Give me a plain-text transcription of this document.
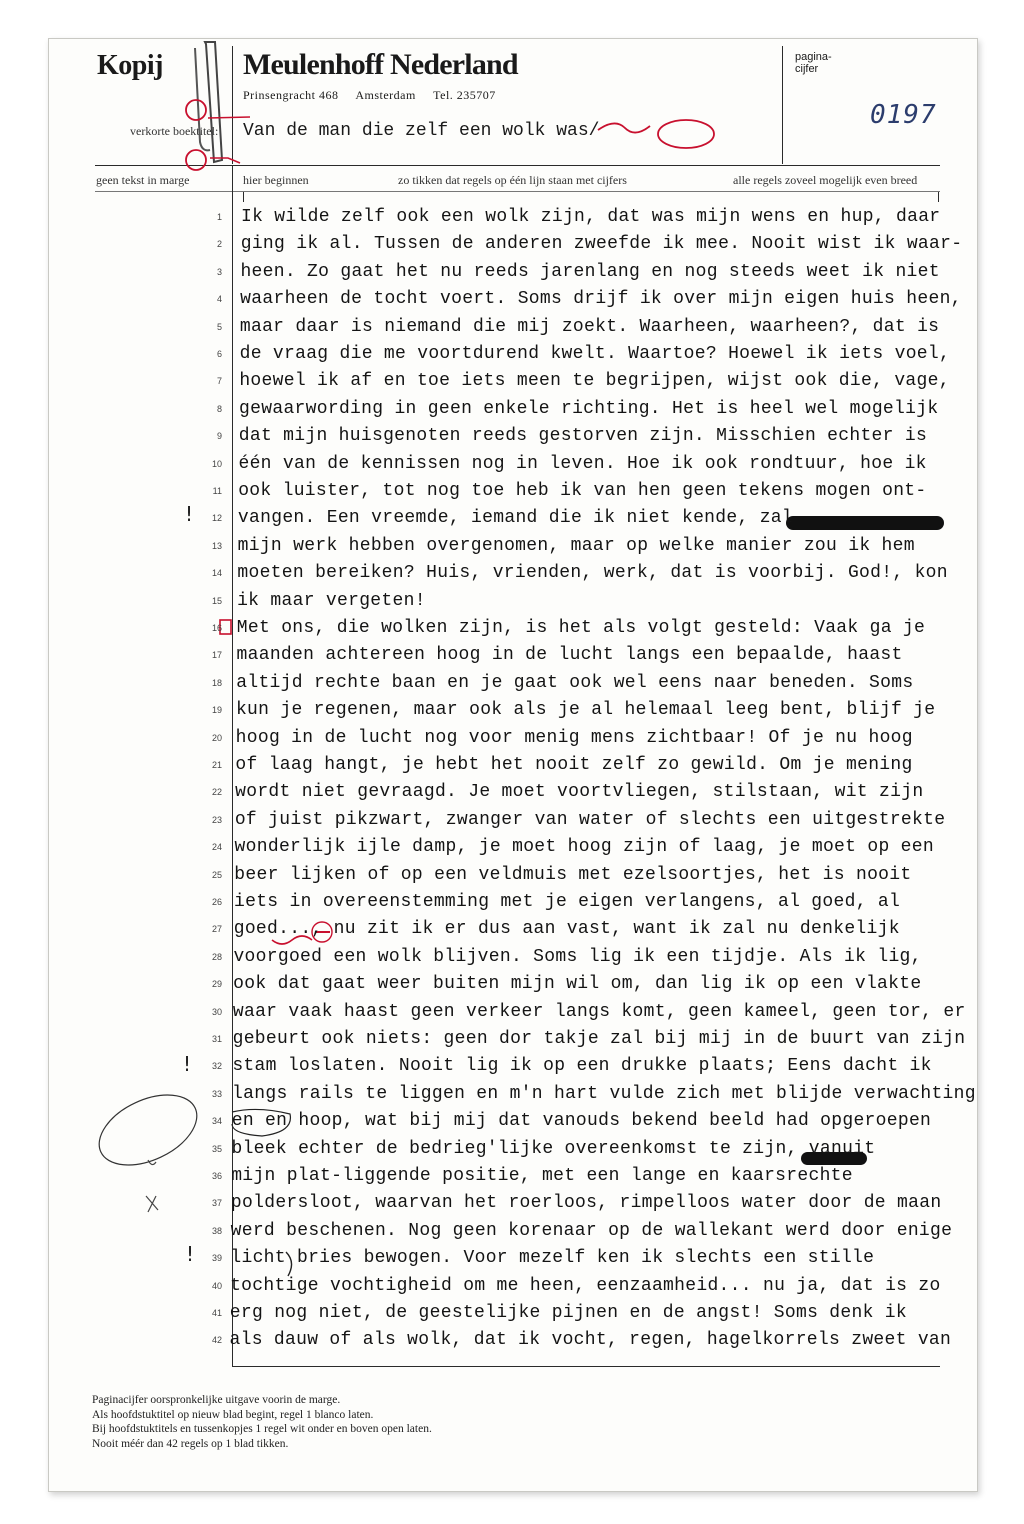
Kopij	Meulenhoff Nederland
Prinsengracht 468 Amsterdam Tel. 235707
pagina-
cijfer
0197
verkorte boektitel: Van de man die zelf een wolk was/
geen tekst in marge	hier beginnen	zo tikken dat regels op één lijn staan met cijfers	alle regels zoveel mogelijk even breed
!
!
!
1 Ik wilde zelf ook een wolk zijn, dat was mijn wens en hup, daar
2 ging ik al. Tussen de anderen zweefde ik mee. Nooit wist ik waar-
3 heen. Zo gaat het nu reeds jarenlang en nog steeds weet ik niet
4 waarheen de tocht voert. Soms drijf ik over mijn eigen huis heen,
5 maar daar is niemand die mij zoekt. Waarheen, waarheen?, dat is
6 de vraag die me voortdurend kwelt. Waartoe? Hoewel ik iets voel,
7 hoewel ik af en toe iets meen te begrijpen, wijst ook die, vage,
8 gewaarwording in geen enkele richting. Het is heel wel mogelijk
9 dat mijn huisgenoten reeds gestorven zijn. Misschien echter is
10 één van de kennissen nog in leven. Hoe ik ook rondtuur, hoe ik
11 ook luister, tot nog toe heb ik van hen geen tekens mogen ont-
12 vangen. Een vreemde, iemand die ik niet kende, zal
13 mijn werk hebben overgenomen, maar op welke manier zou ik hem
14 moeten bereiken? Huis, vrienden, werk, dat is voorbij. God!, kon
15 ik maar vergeten!
16 Met ons, die wolken zijn, is het als volgt gesteld: Vaak ga je
17 maanden achtereen hoog in de lucht langs een bepaalde, haast
18 altijd rechte baan en je gaat ook wel eens naar beneden. Soms
19 kun je regenen, maar ook als je al helemaal leeg bent, blijf je
20 hoog in de lucht nog voor menig mens zichtbaar! Of je nu hoog
21 of laag hangt, je hebt het nooit zelf zo gewild. Om je mening
22 wordt niet gevraagd. Je moet voortvliegen, stilstaan, wit zijn
23 of juist pikzwart, zwanger van water of slechts een uitgestrekte
24 wonderlijk ijle damp, je moet hoog zijn of laag, je moet op een
25 beer lijken of op een veldmuis met ezelsoortjes, het is nooit
26 iets in overeenstemming met je eigen verlangens, al goed, al
27 goed..., nu zit ik er dus aan vast, want ik zal nu denkelijk
28 voorgoed een wolk blijven. Soms lig ik een tijdje. Als ik lig,
29 ook dat gaat weer buiten mijn wil om, dan lig ik op een vlakte
30 waar vaak haast geen verkeer langs komt, geen kameel, geen tor, er
31 gebeurt ook niets: geen dor takje zal bij mij in de buurt van zijn
32 stam loslaten. Nooit lig ik op een drukke plaats; Eens dacht ik
33 langs rails te liggen en m'n hart vulde zich met blijde verwachting
34 en en hoop, wat bij mij dat vanouds bekend beeld had opgeroepen
35 bleek echter de bedrieg'lijke overeenkomst te zijn, vanuit
36 mijn plat-liggende positie, met een lange en kaarsrechte
37 poldersloot, waarvan het roerloos, rimpelloos water door de maan
38 werd beschenen. Nog geen korenaar op de wallekant werd door enige
39 licht bries bewogen. Voor mezelf ken ik slechts een stille
40 tochtige vochtigheid om me heen, eenzaamheid... nu ja, dat is zo
41 erg nog niet, de geestelijke pijnen en de angst! Soms denk ik
42 als dauw of als wolk, dat ik vocht, regen, hagelkorrels zweet van
Paginacijfer oorspronkelijke uitgave voorin de marge.
Als hoofdstuktitel op nieuw blad begint, regel 1 blanco laten.
Bij hoofdstuktitels en tussenkopjes 1 regel wit onder en boven open laten.
Nooit méér dan 42 regels op 1 blad tikken.
